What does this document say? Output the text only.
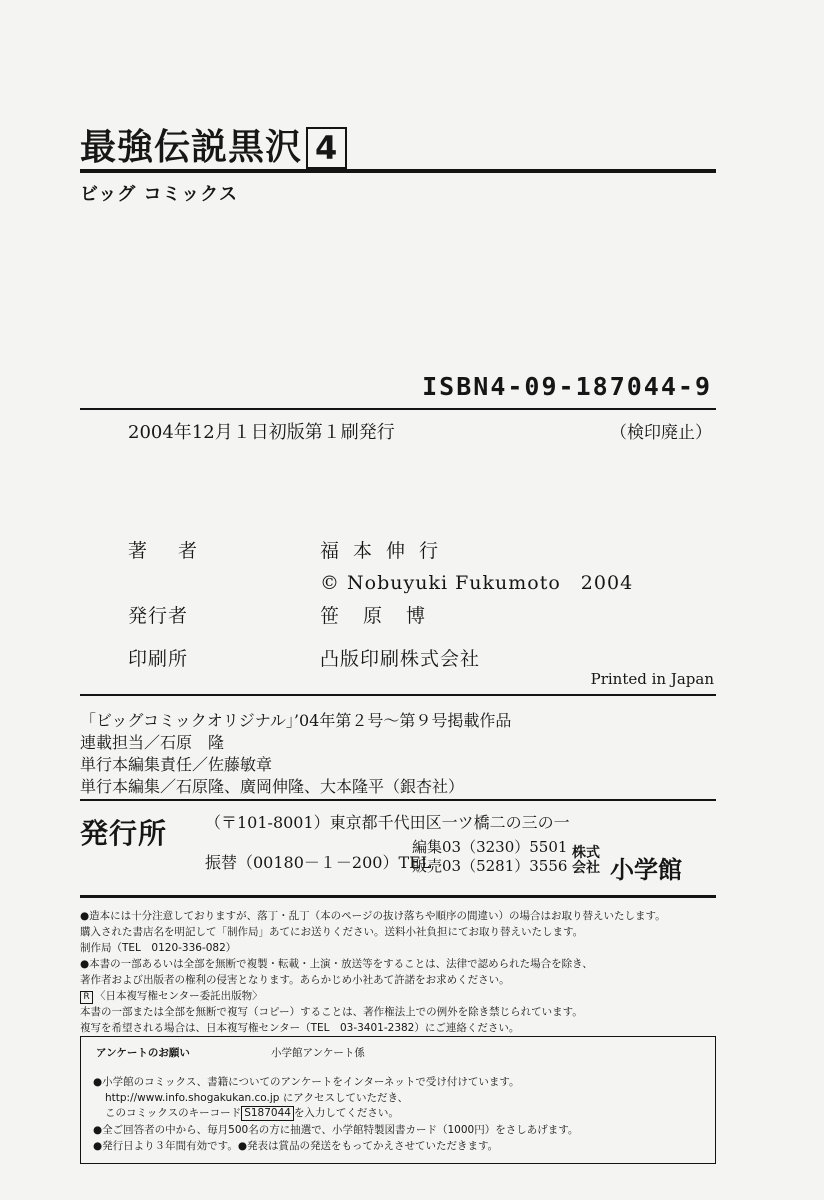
最強伝説黒沢 4
ビッグ コミックス
ISBN4-09-187044-9
2004年12月１日初版第１刷発行	（検印廃止）
著　者	福本伸行
© Nobuyuki Fukumoto　2004
発行者	笹原博
印刷所	凸版印刷株式会社
Printed in Japan
「ビッグコミックオリジナル」’04年第２号～第９号掲載作品
連載担当／石原　隆
単行本編集責任／佐藤敏章
単行本編集／石原隆、廣岡伸隆、大本隆平（銀杏社）
発行所 （〒101-8001）東京都千代田区一ツ橋二の三の一
振替（00180－１－200）TEL
編集03（3230）5501
販売03（5281）3556
株式
会社 小学館
●造本には十分注意しておりますが、落丁・乱丁（本のページの抜け落ちや順序の間違い）の場合はお取り替えいたします。
購入された書店名を明記して「制作局」あてにお送りください。送料小社負担にてお取り替えいたします。
制作局（TEL　0120-336-082）
●本書の一部あるいは全部を無断で複製・転載・上演・放送等をすることは、法律で認められた場合を除き、
著作者および出版者の権利の侵害となります。あらかじめ小社あて許諾をお求めください。
R 〈日本複写権センター委託出版物〉
本書の一部または全部を無断で複写（コピー）することは、著作権法上での例外を除き禁じられています。
複写を希望される場合は、日本複写権センター（TEL　03-3401-2382）にご連絡ください。
アンケートのお願い	小学館アンケート係
●小学館のコミックス、書籍についてのアンケートをインターネットで受け付けています。
http://www.info.shogakukan.co.jp にアクセスしていただき、
このコミックスのキーコード S187044 を入力してください。
●全ご回答者の中から、毎月500名の方に抽選で、小学館特製図書カード（1000円）をさしあげます。
●発行日より３年間有効です。●発表は賞品の発送をもってかえさせていただきます。
